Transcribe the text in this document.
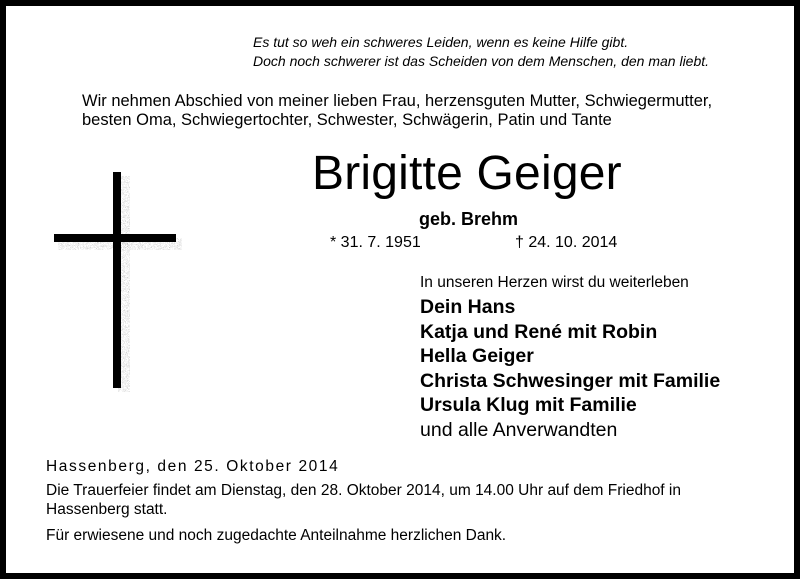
Es tut so weh ein schweres Leiden, wenn es keine Hilfe gibt.
Doch noch schwerer ist das Scheiden von dem Menschen, den man liebt.
Wir nehmen Abschied von meiner lieben Frau, herzensguten Mutter, Schwiegermutter,
besten Oma, Schwiegertochter, Schwester, Schwägerin, Patin und Tante
Brigitte Geiger
geb. Brehm
* 31. 7. 1951	† 24. 10. 2014
In unseren Herzen wirst du weiterleben
Dein Hans
Katja und René mit Robin
Hella Geiger
Christa Schwesinger mit Familie
Ursula Klug mit Familie
und alle Anverwandten
Hassenberg, den 25. Oktober 2014
Die Trauerfeier findet am Dienstag, den 28. Oktober 2014, um 14.00 Uhr auf dem Friedhof in Hassenberg statt.
Für erwiesene und noch zugedachte Anteilnahme herzlichen Dank.
